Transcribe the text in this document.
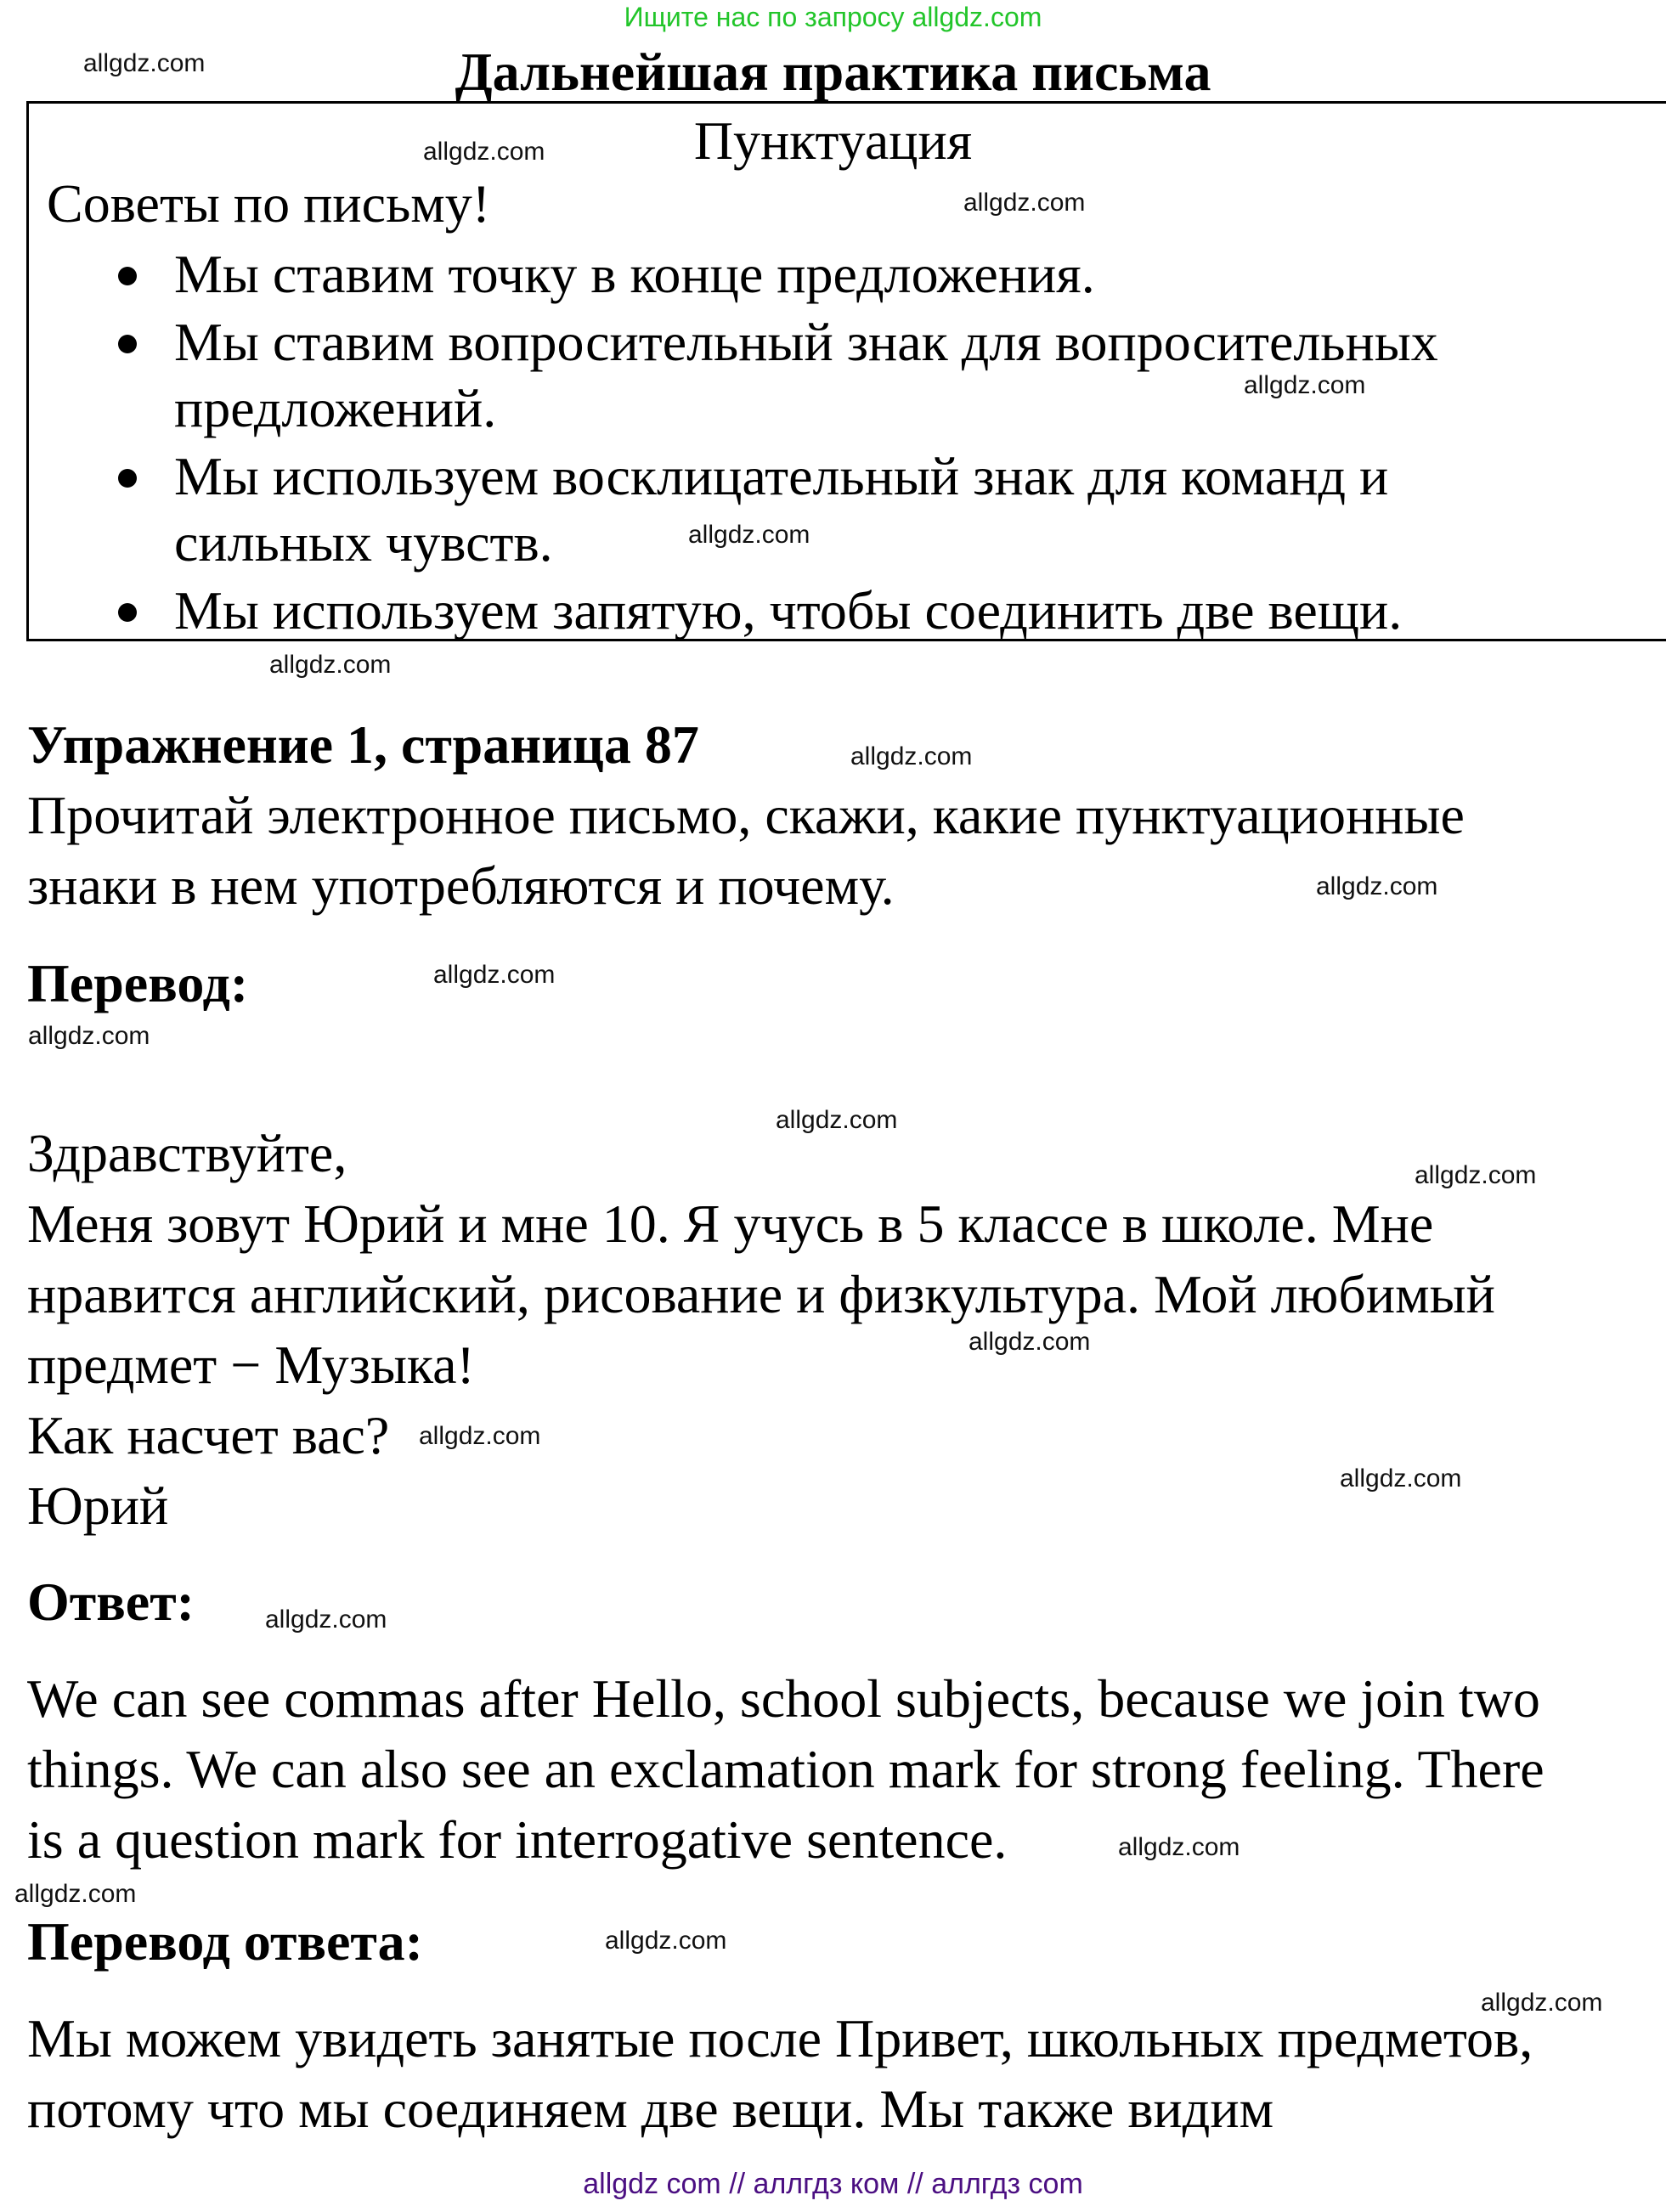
Ищите нас по запросу allgdz.com
Дальнейшая практика письма
Пунктуация
Советы по письму!
Мы ставим точку в конце предложения.
Мы ставим вопросительный знак для вопросительных
предложений.
Мы используем восклицательный знак для команд и
сильных чувств.
Мы используем запятую, чтобы соединить две вещи.
Упражнение 1, страница 87
Прочитай электронное письмо, скажи, какие пунктуационные
знаки в нем употребляются и почему.
Перевод:
Здравствуйте,
Меня зовут Юрий и мне 10. Я учусь в 5 классе в школе. Мне
нравится английский, рисование и физкультура. Мой любимый
предмет − Музыка!
Как насчет вас?
Юрий
Ответ:
We can see commas after Hello, school subjects, because we join two
things. We can also see an exclamation mark for strong feeling. There
is a question mark for interrogative sentence.
Перевод ответа:
Мы можем увидеть занятые после Привет, школьных предметов,
потому что мы соединяем две вещи. Мы также видим
allgdz com // аллгдз ком // аллгдз com
allgdz.com
allgdz.com
allgdz.com
allgdz.com
allgdz.com
allgdz.com
allgdz.com
allgdz.com
allgdz.com
allgdz.com
allgdz.com
allgdz.com
allgdz.com
allgdz.com
allgdz.com
allgdz.com
allgdz.com
allgdz.com
allgdz.com
allgdz.com
